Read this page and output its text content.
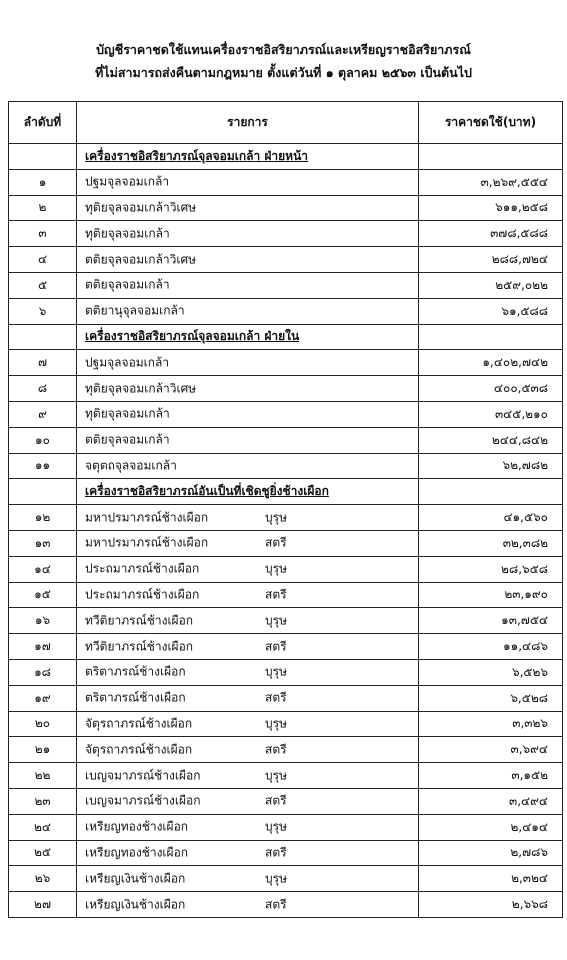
บัญชีราคาชดใช้แทนเครื่องราชอิสริยาภรณ์และเหรียญราชอิสริยาภรณ์
ที่ไม่สามารถส่งคืนตามกฎหมาย ตั้งแต่วันที่ ๑ ตุลาคม ๒๕๖๓ เป็นต้นไป
ลำดับที่	รายการ	ราคาชดใช้(บาท)

	เครื่องราชอิสริยาภรณ์จุลจอมเกล้า ฝ่ายหน้า	

๑	ปฐมจุลจอมเกล้า	๓,๒๖๙,๕๕๔
๒	ทุติยจุลจอมเกล้าวิเศษ	๖๑๑,๒๕๘
๓	ทุติยจุลจอมเกล้า	๓๗๘,๕๘๘
๔	ตติยจุลจอมเกล้าวิเศษ	๒๘๘,๗๒๔
๕	ตติยจุลจอมเกล้า	๒๕๙,๐๒๒
๖	ตติยานุจุลจอมเกล้า	๖๑,๕๘๘

	เครื่องราชอิสริยาภรณ์จุลจอมเกล้า ฝ่ายใน	

๗	ปฐมจุลจอมเกล้า	๑,๔๐๒,๗๔๒
๘	ทุติยจุลจอมเกล้าวิเศษ	๔๐๐,๕๓๘
๙	ทุติยจุลจอมเกล้า	๓๔๕,๒๑๐
๑๐	ตติยจุลจอมเกล้า	๒๔๔,๘๔๒
๑๑	จตุตถจุลจอมเกล้า	๖๒,๗๘๒

	เครื่องราชอิสริยาภรณ์อันเป็นที่เชิดชูยิ่งช้างเผือก	

๑๒	มหาปรมาภรณ์ช้างเผือก บุรุษ	๔๑,๕๖๐
๑๓	มหาปรมาภรณ์ช้างเผือก สตรี	๓๒,๓๘๒
๑๔	ประถมาภรณ์ช้างเผือก บุรุษ	๒๘,๖๕๘
๑๕	ประถมาภรณ์ช้างเผือก สตรี	๒๓,๑๙๐
๑๖	ทวีติยาภรณ์ช้างเผือก บุรุษ	๑๓,๗๕๔
๑๗	ทวีติยาภรณ์ช้างเผือก สตรี	๑๑,๔๘๖
๑๘	ตริตาภรณ์ช้างเผือก บุรุษ	๖,๕๒๖
๑๙	ตริตาภรณ์ช้างเผือก สตรี	๖,๕๒๘
๒๐	จัตุรถาภรณ์ช้างเผือก บุรุษ	๓,๓๒๖
๒๑	จัตุรถาภรณ์ช้างเผือก สตรี	๓,๖๙๔
๒๒	เบญจมาภรณ์ช้างเผือก บุรุษ	๓,๑๕๒
๒๓	เบญจมาภรณ์ช้างเผือก สตรี	๓,๔๙๔
๒๔	เหรียญทองช้างเผือก บุรุษ	๒,๔๑๔
๒๕	เหรียญทองช้างเผือก สตรี	๒,๗๘๖
๒๖	เหรียญเงินช้างเผือก บุรุษ	๒,๓๒๔
๒๗	เหรียญเงินช้างเผือก สตรี	๒,๖๖๘
